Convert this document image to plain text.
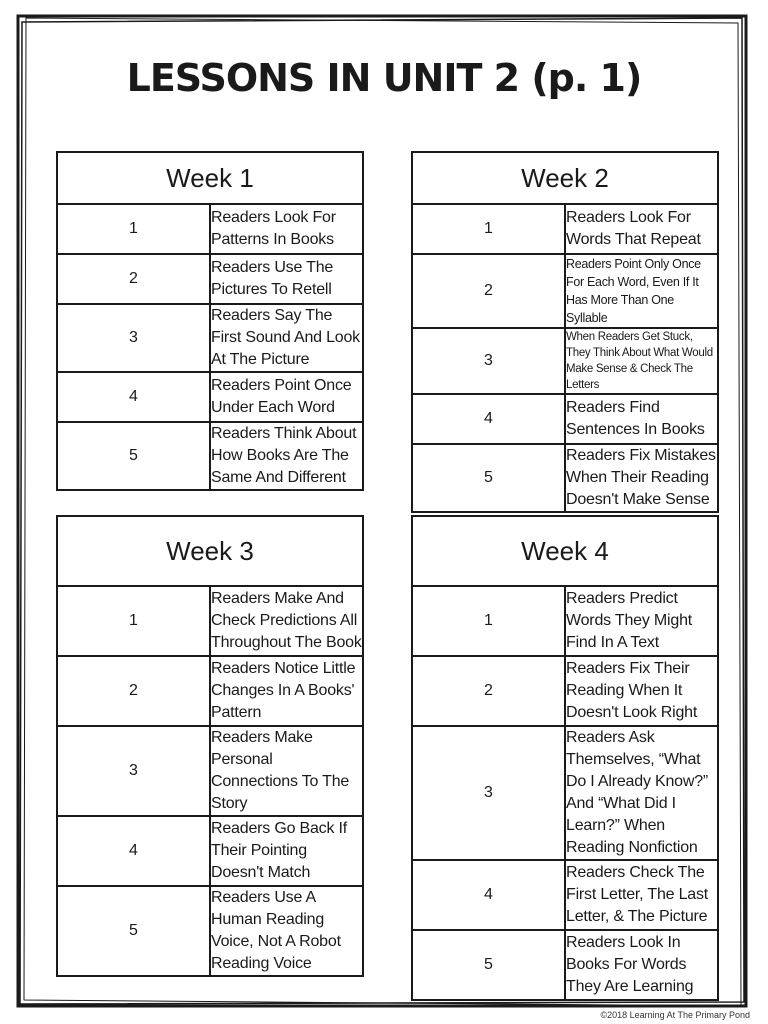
LESSONS IN UNIT 2 (p. 1)
Week 1	
1	Readers Look For Patterns In Books
2	Readers Use The Pictures To Retell
3	Readers Say The First Sound And Look At The Picture
4	Readers Point Once Under Each Word
5	Readers Think About How Books Are The Same And Different
Week 2	
1	Readers Look For Words That Repeat
2	Readers Point Only Once For Each Word, Even If It Has More Than One Syllable
3	When Readers Get Stuck, They Think About What Would Make Sense & Check The Letters
4	Readers Find Sentences In Books
5	Readers Fix Mistakes When Their Reading Doesn't Make Sense
Week 3	
1	Readers Make And Check Predictions All Throughout The Book
2	Readers Notice Little Changes In A Books' Pattern
3	Readers Make Personal Connections To The Story
4	Readers Go Back If Their Pointing Doesn't Match
5	Readers Use A Human Reading Voice, Not A Robot Reading Voice
Week 4	
1	Readers Predict Words They Might Find In A Text
2	Readers Fix Their Reading When It Doesn't Look Right
3	Readers Ask Themselves, “What Do I Already Know?” And “What Did I Learn?” When Reading Nonfiction
4	Readers Check The First Letter, The Last Letter, & The Picture
5	Readers Look In Books For Words They Are Learning
©2018 Learning At The Primary Pond
